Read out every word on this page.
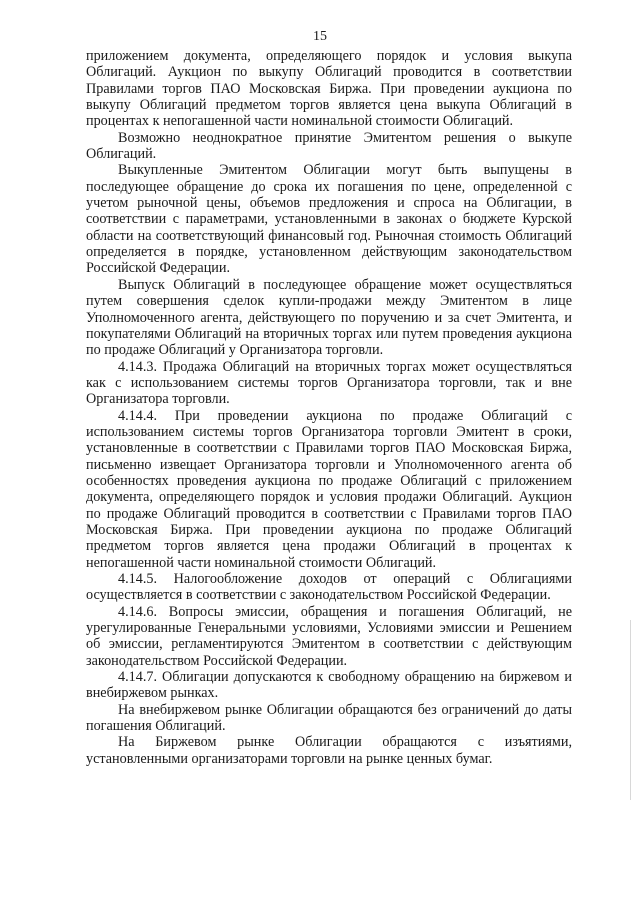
15

приложением документа, определяющего порядок и условия выкупа Облигаций. Аукцион по выкупу Облигаций проводится в соответствии Правилами торгов ПАО Московская Биржа. При проведении аукциона по выкупу Облигаций предметом торгов является цена выкупа Облигаций в процентах к непогашенной части номинальной стоимости Облигаций.

Возможно неоднократное принятие Эмитентом решения о выкупе Облигаций.

Выкупленные Эмитентом Облигации могут быть выпущены в последующее обращение до срока их погашения по цене, определенной с учетом рыночной цены, объемов предложения и спроса на Облигации, в соответствии с параметрами, установленными в законах о бюджете Курской области на соответствующий финансовый год. Рыночная стоимость Облигаций определяется в порядке, установленном действующим законодательством Российской Федерации.

Выпуск Облигаций в последующее обращение может осуществляться путем совершения сделок купли-продажи между Эмитентом в лице Уполномоченного агента, действующего по поручению и за счет Эмитента, и покупателями Облигаций на вторичных торгах или путем проведения аукциона по продаже Облигаций у Организатора торговли.

4.14.3. Продажа Облигаций на вторичных торгах может осуществляться как с использованием системы торгов Организатора торговли, так и вне Организатора торговли.

4.14.4. При проведении аукциона по продаже Облигаций с использованием системы торгов Организатора торговли Эмитент в сроки, установленные в соответствии с Правилами торгов ПАО Московская Биржа, письменно извещает Организатора торговли и Уполномоченного агента об особенностях проведения аукциона по продаже Облигаций с приложением документа, определяющего порядок и условия продажи Облигаций. Аукцион по продаже Облигаций проводится в соответствии с Правилами торгов ПАО Московская Биржа. При проведении аукциона по продаже Облигаций предметом торгов является цена продажи Облигаций в процентах к непогашенной части номинальной стоимости Облигаций.

4.14.5. Налогообложение доходов от операций с Облигациями осуществляется в соответствии с законодательством Российской Федерации.

4.14.6. Вопросы эмиссии, обращения и погашения Облигаций, не урегулированные Генеральными условиями, Условиями эмиссии и Решением об эмиссии, регламентируются Эмитентом в соответствии с действующим законодательством Российской Федерации.

4.14.7. Облигации допускаются к свободному обращению на биржевом и внебиржевом рынках.

На внебиржевом рынке Облигации обращаются без ограничений до даты погашения Облигаций.

На Биржевом рынке Облигации обращаются с изъятиями, установленными организаторами торговли на рынке ценных бумаг.
